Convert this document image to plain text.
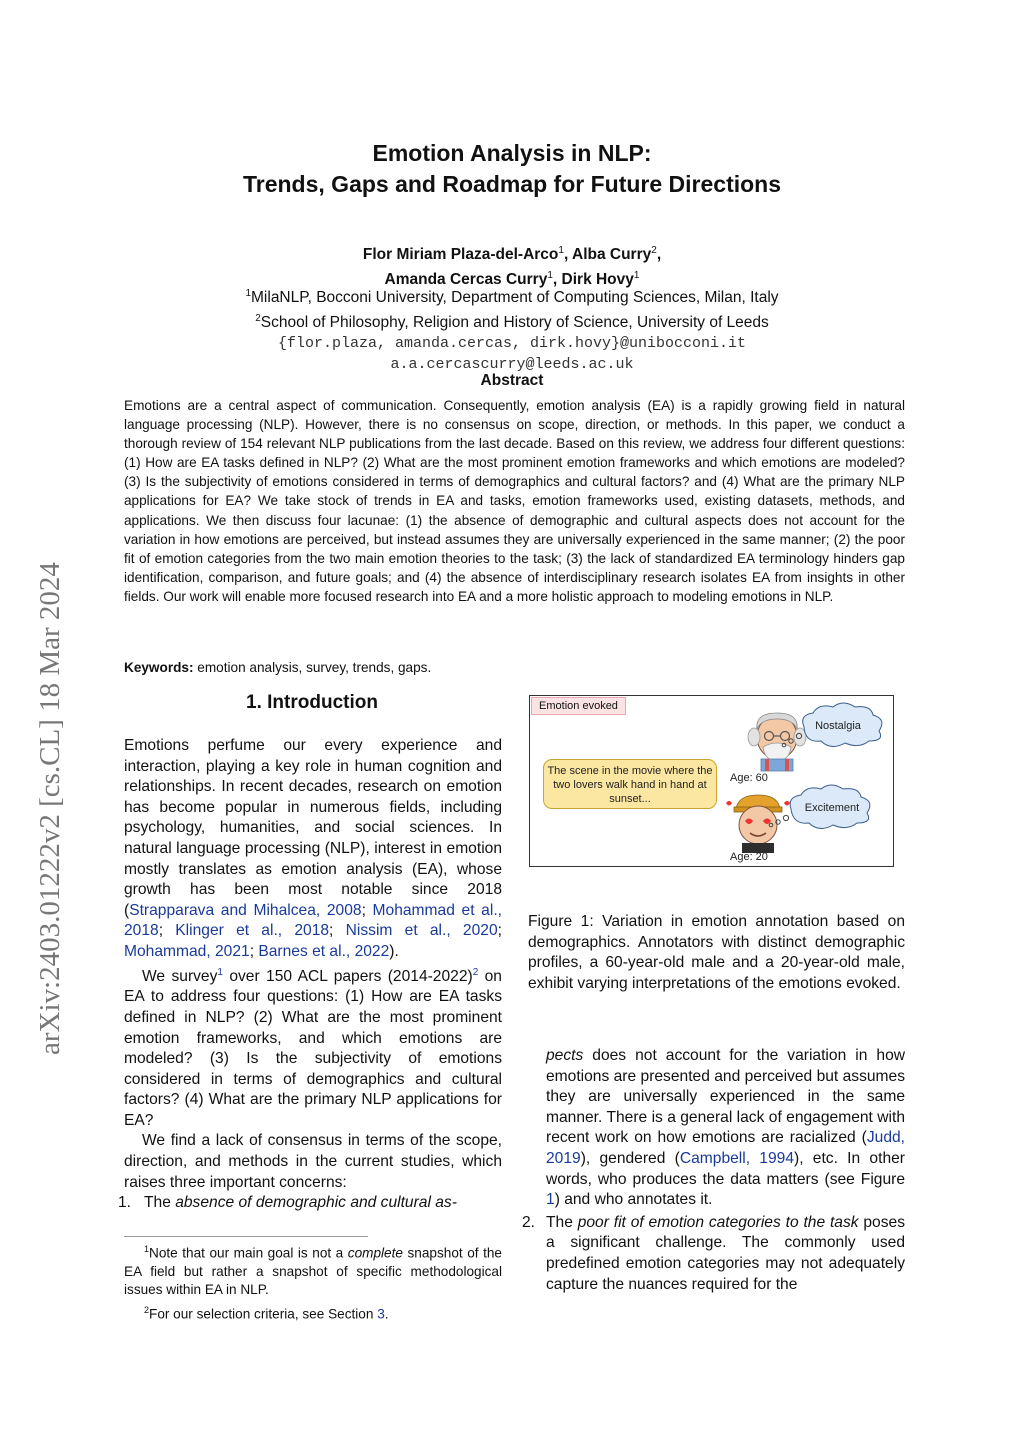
arXiv:2403.01222v2 [cs.CL] 18 Mar 2024
Emotion Analysis in NLP:
Trends, Gaps and Roadmap for Future Directions
Flor Miriam Plaza-del-Arco$^1$, Alba Curry$^2$,
Amanda Cercas Curry$^1$, Dirk Hovy$^1$
$^1$MilaNLP, Bocconi University, Department of Computing Sciences, Milan, Italy
$^2$School of Philosophy, Religion and History of Science, University of Leeds
{flor.plaza, amanda.cercas, dirk.hovy}@unibocconi.it
a.a.cercascurry@leeds.ac.uk
Abstract
Emotions are a central aspect of communication. Consequently, emotion analysis (EA) is a rapidly growing field in natural language processing (NLP). However, there is no consensus on scope, direction, or methods. In this paper, we conduct a thorough review of 154 relevant NLP publications from the last decade. Based on this review, we address four different questions: (1) How are EA tasks defined in NLP? (2) What are the most prominent emotion frameworks and which emotions are modeled? (3) Is the subjectivity of emotions considered in terms of demographics and cultural factors? and (4) What are the primary NLP applications for EA? We take stock of trends in EA and tasks, emotion frameworks used, existing datasets, methods, and applications. We then discuss four lacunae: (1) the absence of demographic and cultural aspects does not account for the variation in how emotions are perceived, but instead assumes they are universally experienced in the same manner; (2) the poor fit of emotion categories from the two main emotion theories to the task; (3) the lack of standardized EA terminology hinders gap identification, comparison, and future goals; and (4) the absence of interdisciplinary research isolates EA from insights in other fields. Our work will enable more focused research into EA and a more holistic approach to modeling emotions in NLP.
Keywords: emotion analysis, survey, trends, gaps.
1. Introduction

Emotions perfume our every experience and interaction, playing a key role in human cognition and relationships. In recent decades, research on emotion has become popular in numerous fields, including psychology, humanities, and social sciences. In natural language processing (NLP), interest in emotion mostly translates as emotion analysis (EA), whose growth has been most notable since 2018 (Strapparava and Mihalcea, 2008; Mohammad et al., 2018; Klinger et al., 2018; Nissim et al., 2020; Mohammad, 2021; Barnes et al., 2022).

We survey$^1$ over 150 ACL papers (2014-2022)$^2$ on EA to address four questions: (1) How are EA tasks defined in NLP? (2) What are the most prominent emotion frameworks, and which emotions are modeled? (3) Is the subjectivity of emotions considered in terms of demographics and cultural factors? (4) What are the primary NLP applications for EA?

We find a lack of consensus in terms of the scope, direction, and methods in the current studies, which raises three important concerns:

1. The absence of demographic and cultural as-

$^1$Note that our main goal is not a complete snapshot of the EA field but rather a snapshot of specific methodological issues within EA in NLP.

$^2$For our selection criteria, see Section 3.

Emotion evoked
The scene in the movie where the two lovers walk hand in hand at sunset...
Nostalgia
Excitement
Age: 60
Age: 20
Figure 1: Variation in emotion annotation based on demographics. Annotators with distinct demographic profiles, a 60-year-old male and a 20-year-old male, exhibit varying interpretations of the emotions evoked.

pects does not account for the variation in how emotions are presented and perceived but assumes they are universally experienced in the same manner. There is a general lack of engagement with recent work on how emotions are racialized (Judd, 2019), gendered (Campbell, 1994), etc. In other words, who produces the data matters (see Figure 1) and who annotates it.

2. The poor fit of emotion categories to the task poses a significant challenge. The commonly used predefined emotion categories may not adequately capture the nuances required for the
